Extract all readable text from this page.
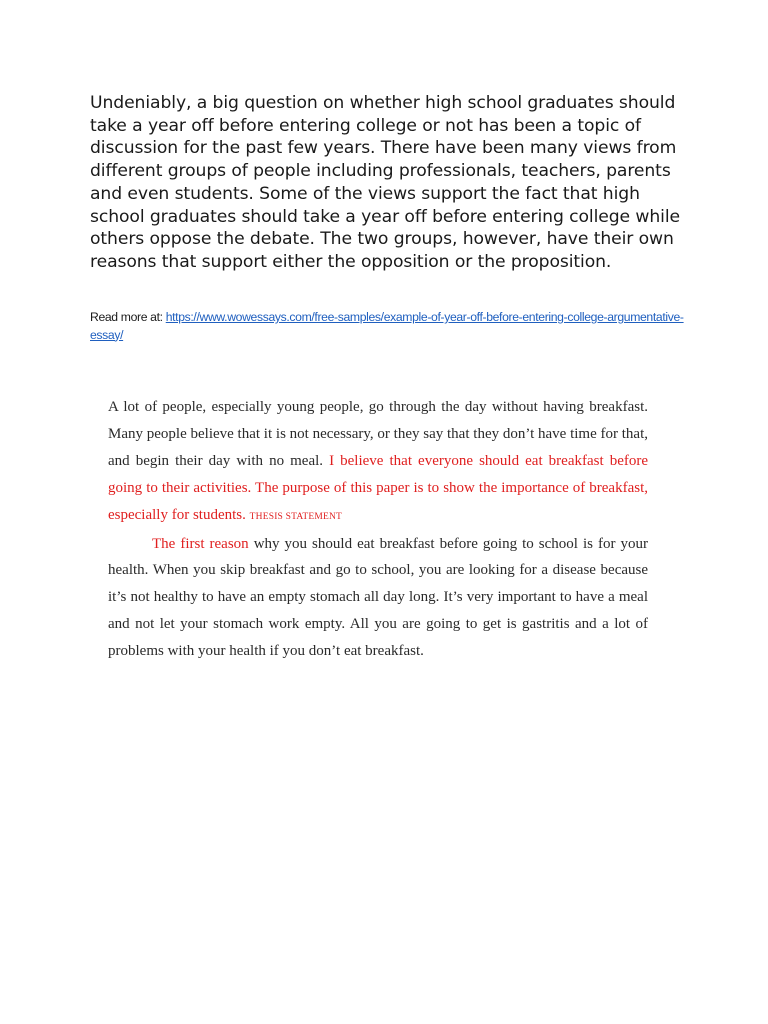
Undeniably, a big question on whether high school graduates should take a year off before entering college or not has been a topic of discussion for the past few years. There have been many views from different groups of people including professionals, teachers, parents and even students. Some of the views support the fact that high school graduates should take a year off before entering college while others oppose the debate. The two groups, however, have their own reasons that support either the opposition or the proposition.

Read more at: https://www.wowessays.com/free-samples/example-of-year-off-before-entering-college-argumentative-essay/

A lot of people, especially young people, go through the day without having breakfast. Many people believe that it is not necessary, or they say that they don’t have time for that, and begin their day with no meal. I believe that everyone should eat breakfast before going to their activities. The purpose of this paper is to show the importance of breakfast, especially for students. THESIS STATEMENT

The first reason why you should eat breakfast before going to school is for your health. When you skip breakfast and go to school, you are looking for a disease because it’s not healthy to have an empty stomach all day long. It’s very important to have a meal and not let your stomach work empty. All you are going to get is gastritis and a lot of problems with your health if you don’t eat breakfast.
